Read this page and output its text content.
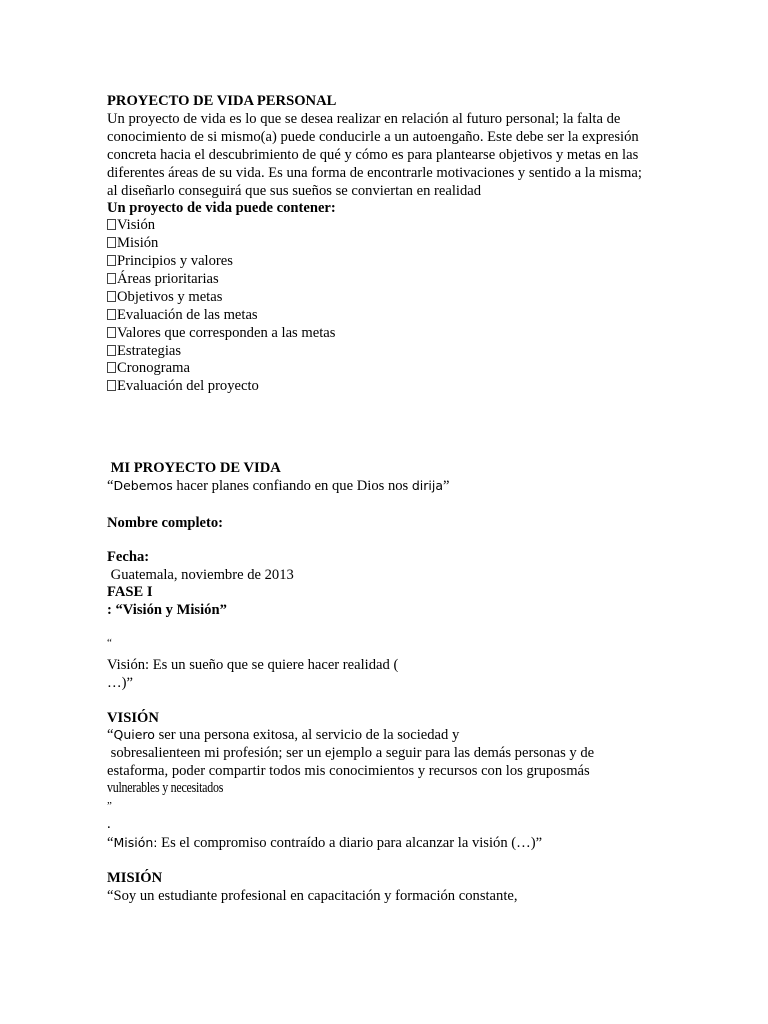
PROYECTO DE VIDA PERSONAL
Un proyecto de vida es lo que se desea realizar en relación al futuro personal; la falta de
conocimiento de si mismo(a) puede conducirle a un autoengaño. Este debe ser la expresión
concreta hacia el descubrimiento de qué y cómo es para plantearse objetivos y metas en las
diferentes áreas de su vida. Es una forma de encontrarle motivaciones y sentido a la misma;
al diseñarlo conseguirá que sus sueños se conviertan en realidad
Un proyecto de vida puede contener:
Visión
Misión
Principios y valores
Áreas prioritarias
Objetivos y metas
Evaluación de las metas
Valores que corresponden a las metas
Estrategias
Cronograma
Evaluación del proyecto
MI PROYECTO DE VIDA
“Debemos hacer planes confiando en que Dios nos dirija”
Nombre completo:
Fecha:
Guatemala, noviembre de 2013
FASE I
: “Visión y Misión”
“
Visión: Es un sueño que se quiere hacer realidad (
…)”
VISIÓN
“Quiero ser una persona exitosa, al servicio de la sociedad y
sobresalienteen mi profesión; ser un ejemplo a seguir para las demás personas y de
estaforma, poder compartir todos mis conocimientos y recursos con los gruposmás
vulnerables y necesitados
”
.
“Misión: Es el compromiso contraído a diario para alcanzar la visión (…)”
MISIÓN
“Soy un estudiante profesional en capacitación y formación constante,
